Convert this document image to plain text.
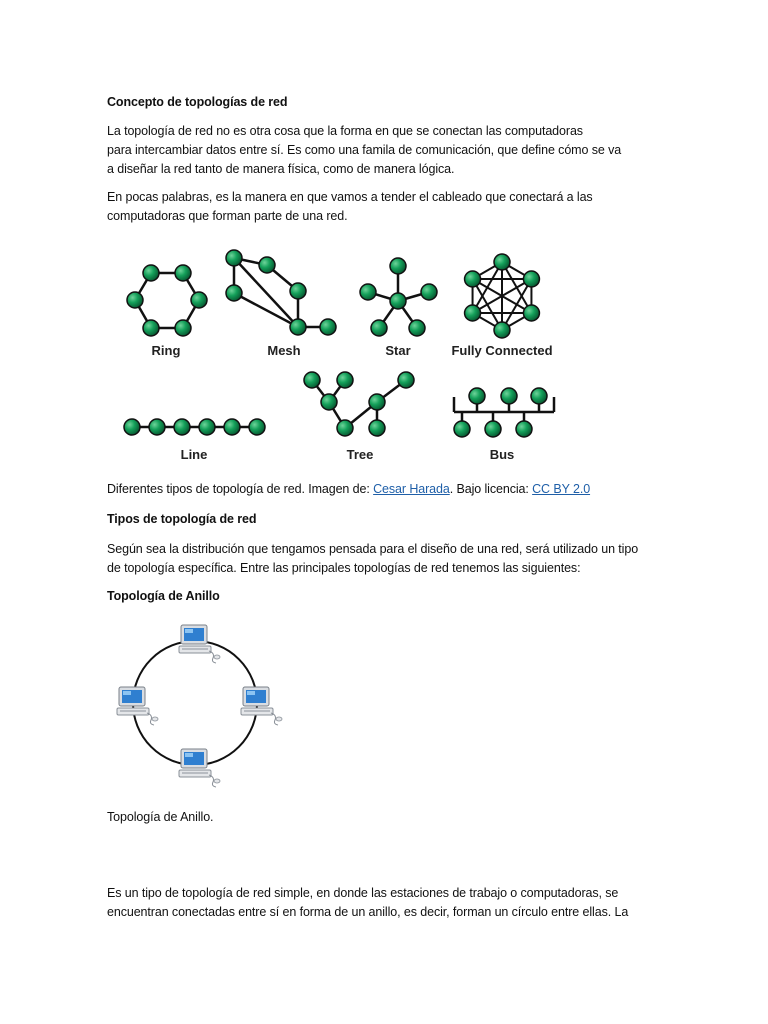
Concepto de topologías de red

La topología de red no es otra cosa que la forma en que se conectan las computadoras

para intercambiar datos entre sí. Es como una famila de comunicación, que define cómo se va

a diseñar la red tanto de manera física, como de manera lógica.

En pocas palabras, es la manera en que vamos a tender el cableado que conectará a las

computadoras que forman parte de una red.

Ring	Mesh	Star	Fully Connected
Line	Tree	Bus

Diferentes tipos de topología de red. Imagen de: Cesar Harada. Bajo licencia: CC BY 2.0

Tipos de topología de red

Según sea la distribución que tengamos pensada para el diseño de una red, será utilizado un tipo

de topología específica. Entre las principales topologías de red tenemos las siguientes:

Topología de Anillo

Topología de Anillo.

Es un tipo de topología de red simple, en donde las estaciones de trabajo o computadoras, se

encuentran conectadas entre sí en forma de un anillo, es decir, forman un círculo entre ellas. La
